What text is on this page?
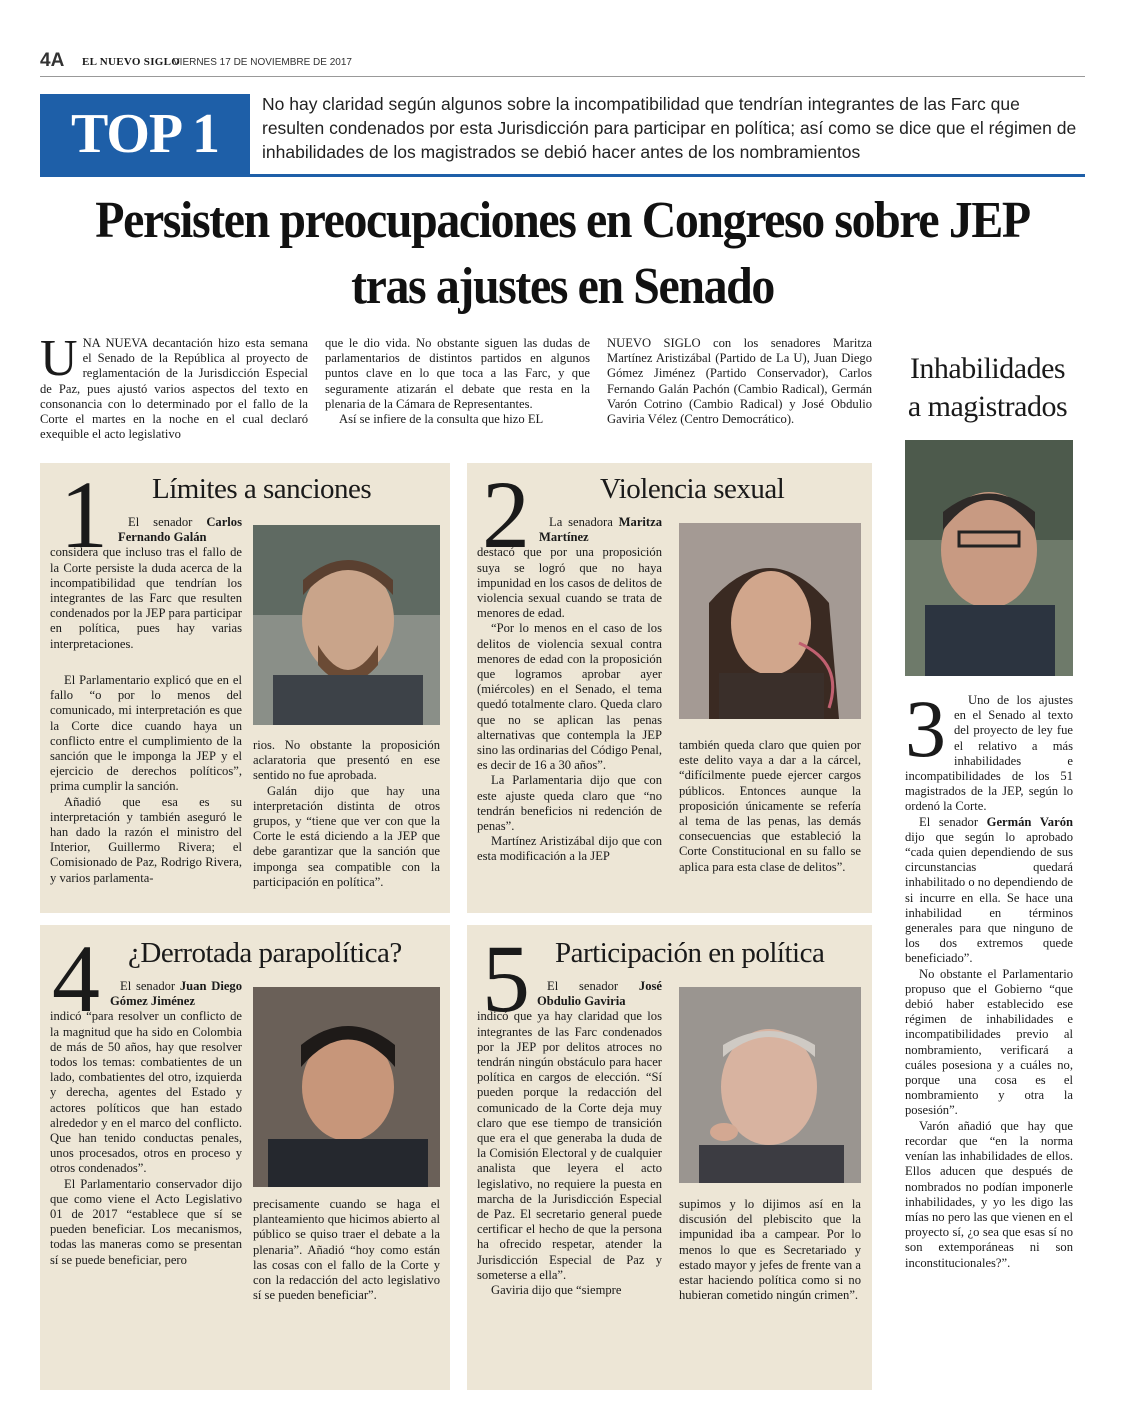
4A EL NUEVO SIGLO
VIERNES 17 DE NOVIEMBRE DE 2017
TOP 1 No hay claridad según algunos sobre la incompatibilidad que tendrían integrantes de las Farc que resulten condenados por esta Jurisdicción para participar en política; así como se dice que el régimen de inhabilidades de los magistrados se debió hacer antes de los nombramientos
Persisten preocupaciones en Congreso sobre JEP tras ajustes en Senado
UNA NUEVA decantación hizo esta semana el Senado de la República al proyecto de reglamentación de la Jurisdicción Especial de Paz, pues ajustó varios aspectos del texto en consonancia con lo determinado por el fallo de la Corte el martes en la noche en el cual declaró exequible el acto legislativo

que le dio vida. No obstante siguen las dudas de parlamentarios de distintos partidos en algunos puntos clave en lo que toca a las Farc, y que seguramente atizarán el debate que resta en la plenaria de la Cámara de Representantes.

Así se infiere de la consulta que hizo EL

NUEVO SIGLO con los senadores Maritza Martínez Aristizábal (Partido de La U), Juan Diego Gómez Jiménez (Partido Conservador), Carlos Fernando Galán Pachón (Cambio Radical), Germán Varón Cotrino (Cambio Radical) y José Obdulio Gaviria Vélez (Centro Democrático).
1 Límites a sanciones

El senador Carlos Fernando Galán

considera que incluso tras el fallo de la Corte persiste la duda acerca de la incompatibilidad que tendrían los integrantes de las Farc que resulten condenados por la JEP para participar en política, pues hay varias interpretaciones.

El Parlamentario explicó que en el fallo “o por lo menos del comunicado, mi interpretación es que la Corte dice cuando haya un conflicto entre el cumplimiento de la sanción que le imponga la JEP y el ejercicio de derechos políticos”, prima cumplir la sanción.

Añadió que esa es su interpretación y también aseguró le han dado la razón el ministro del Interior, Guillermo Rivera; el Comisionado de Paz, Rodrigo Rivera, y varios parlamenta-

rios. No obstante la proposición aclaratoria que presentó en ese sentido no fue aprobada.

Galán dijo que hay una interpretación distinta de otros grupos, y “tiene que ver con que la Corte le está diciendo a la JEP que debe garantizar que la sanción que imponga sea compatible con la participación en política”.

2 Violencia sexual

La senadora Maritza Martínez

destacó que por una proposición suya se logró que no haya impunidad en los casos de delitos de violencia sexual cuando se trata de menores de edad.

“Por lo menos en el caso de los delitos de violencia sexual contra menores de edad con la proposición que logramos aprobar ayer (miércoles) en el Senado, el tema quedó totalmente claro. Queda claro que no se aplican las penas alternativas que contempla la JEP sino las ordinarias del Código Penal, es decir de 16 a 30 años”.

La Parlamentaria dijo que con este ajuste queda claro que “no tendrán beneficios ni redención de penas”.

Martínez Aristizábal dijo que con esta modificación a la JEP

también queda claro que quien por este delito vaya a dar a la cárcel, “difícilmente puede ejercer cargos públicos. Entonces aunque la proposición únicamente se refería al tema de las penas, las demás consecuencias que estableció la Corte Constitucional en su fallo se aplica para esta clase de delitos”.

Inhabilidades a magistrados
3	Uno de los ajustes en el Senado al texto del proyecto de ley fue el relativo a más inhabilidades e incompatibilidades de los 51 magistrados de la JEP, según lo ordenó la Corte.

El senador Germán Varón dijo que según lo aprobado “cada quien dependiendo de sus circunstancias quedará inhabilitado o no dependiendo de si incurre en ella. Se hace una inhabilidad en términos generales para que ninguno de los dos extremos quede beneficiado”.

No obstante el Parlamentario propuso que el Gobierno “que debió haber establecido ese régimen de inhabilidades e incompatibilidades previo al nombramiento, verificará a cuáles posesiona y a cuáles no, porque una cosa es el nombramiento y otra la posesión”.

Varón añadió que hay que recordar que “en la norma venían las inhabilidades de ellos. Ellos aducen que después de nombrados no podían imponerle inhabilidades, y yo les digo las mías no pero las que vienen en el proyecto sí, ¿o sea que esas sí no son extemporáneas ni son inconstitucionales?”.

4 ¿Derrotada parapolítica?

El senador Juan Diego Gómez Jiménez

indicó “para resolver un conflicto de la magnitud que ha sido en Colombia de más de 50 años, hay que resolver todos los temas: combatientes de un lado, combatientes del otro, izquierda y derecha, agentes del Estado y actores políticos que han estado alrededor y en el marco del conflicto. Que han tenido conductas penales, unos procesados, otros en proceso y otros condenados”.

El Parlamentario conservador dijo que como viene el Acto Legislativo 01 de 2017 “establece que sí se pueden beneficiar. Los mecanismos, todas las maneras como se presentan sí se puede beneficiar, pero

precisamente cuando se haga el planteamiento que hicimos abierto al público se quiso traer el debate a la plenaria”. Añadió “hoy como están las cosas con el fallo de la Corte y con la redacción del acto legislativo sí se pueden beneficiar”.

5 Participación en política

El senador José Obdulio Gaviria

indicó que ya hay claridad que los integrantes de las Farc condenados por la JEP por delitos atroces no tendrán ningún obstáculo para hacer política en cargos de elección. “Sí pueden porque la redacción del comunicado de la Corte deja muy claro que ese tiempo de transición que era el que generaba la duda de la Comisión Electoral y de cualquier analista que leyera el acto legislativo, no requiere la puesta en marcha de la Jurisdicción Especial de Paz. El secretario general puede certificar el hecho de que la persona ha ofrecido respetar, atender la Jurisdicción Especial de Paz y someterse a ella”.

Gaviria dijo que “siempre

supimos y lo dijimos así en la discusión del plebiscito que la impunidad iba a campear. Por lo menos lo que es Secretariado y estado mayor y jefes de frente van a estar haciendo política como si no hubieran cometido ningún crimen”.
